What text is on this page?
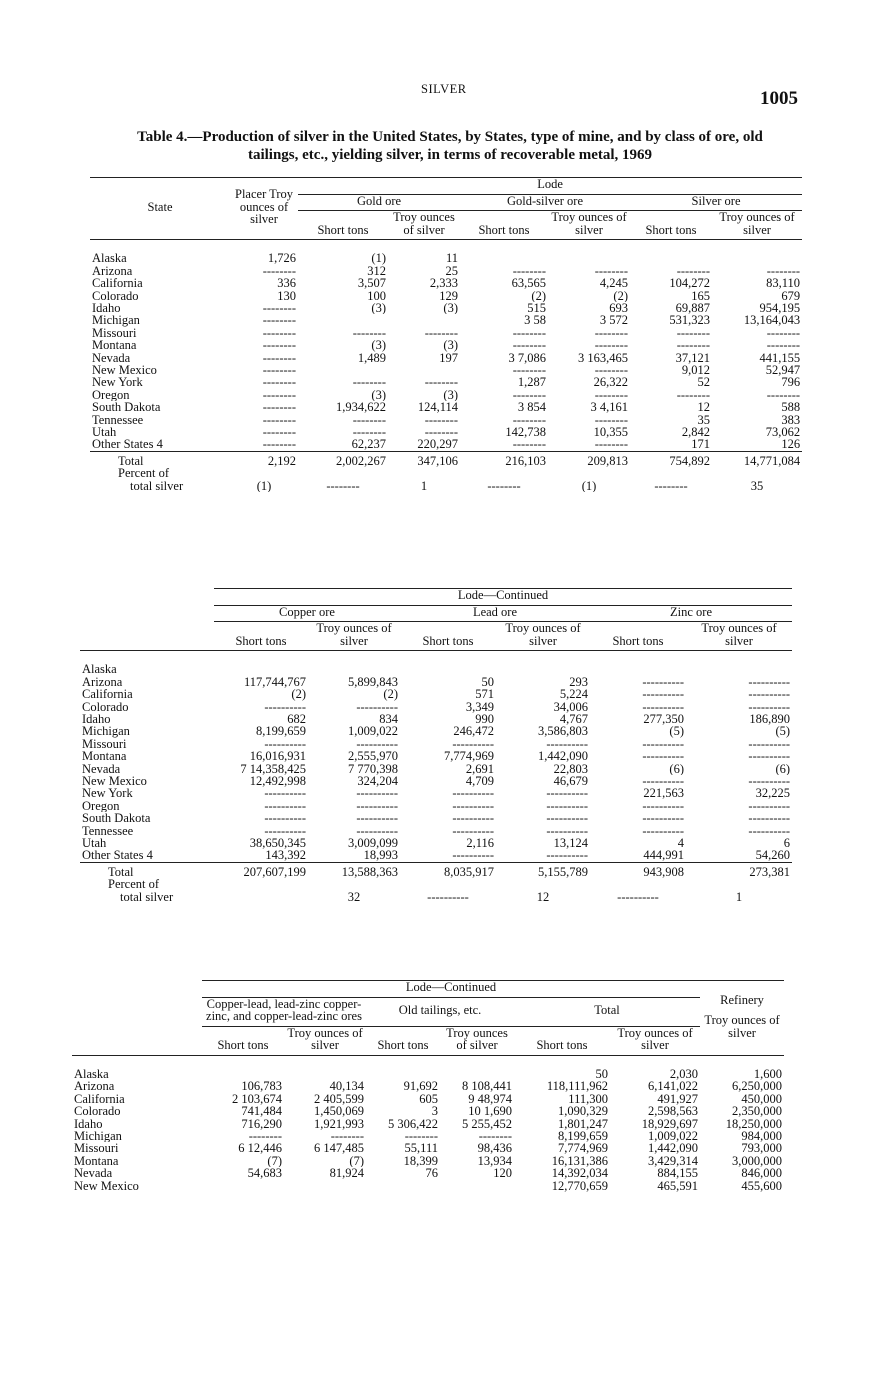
SILVER	1005
Table 4.—Production of silver in the United States, by States, type of mine, and by class of ore, old tailings, etc., yielding silver, in terms of recoverable metal, 1969
State	Placer Troy ounces of silver	Lode					
		Gold ore		Gold-silver ore		Silver ore	
		Short tons	Troy ounces of silver	Short tons	Troy ounces of silver	Short tons	Troy ounces of silver

Alaska	1,726	(1)	11				
Arizona	--------	312	25	--------	--------	--------	--------
California	336	3,507	2,333	63,565	4,245	104,272	83,110
Colorado	130	100	129	(2)	(2)	165	679
Idaho	--------	(3)	(3)	515	693	69,887	954,195
Michigan	--------			3 58	3 572	531,323	13,164,043
Missouri	--------	--------	--------	--------	--------	--------	--------
Montana	--------	(3)	(3)	--------	--------	--------	--------
Nevada	--------	1,489	197	3 7,086	3 163,465	37,121	441,155
New Mexico	--------			--------	--------	9,012	52,947
New York	--------	--------	--------	1,287	26,322	52	796
Oregon	--------	(3)	(3)	--------	--------	--------	--------
South Dakota	--------	1,934,622	124,114	3 854	3 4,161	12	588
Tennessee	--------	--------	--------	--------	--------	35	383
Utah	--------	--------	--------	142,738	10,355	2,842	73,062
Other States 4	--------	62,237	220,297	--------	--------	171	126
Total	2,192	2,002,267	347,106	216,103	209,813	754,892	14,771,084
Percent of							
total silver	(1)	--------	1	--------	(1)	--------	35
	Lode—Continued					
	Copper ore		Lead ore		Zinc ore	
	Short tons	Troy ounces of silver	Short tons	Troy ounces of silver	Short tons	Troy ounces of silver

Alaska						
Arizona	117,744,767	5,899,843	50	293	----------	----------
California	(2)	(2)	571	5,224	----------	----------
Colorado	----------	----------	3,349	34,006	----------	----------
Idaho	682	834	990	4,767	277,350	186,890
Michigan	8,199,659	1,009,022	246,472	3,586,803	(5)	(5)
Missouri	----------	----------	----------	----------	----------	----------
Montana	16,016,931	2,555,970	7,774,969	1,442,090	----------	----------
Nevada	7 14,358,425	7 770,398	2,691	22,803	(6)	(6)
New Mexico	12,492,998	324,204	4,709	46,679	----------	----------
New York	----------	----------	----------	----------	221,563	32,225
Oregon	----------	----------	----------	----------	----------	----------
South Dakota	----------	----------	----------	----------	----------	----------
Tennessee	----------	----------	----------	----------	----------	----------
Utah	38,650,345	3,009,099	2,116	13,124	4	6
Other States 4	143,392	18,993	----------	----------	444,991	54,260
Total	207,607,199	13,588,363	8,035,917	5,155,789	943,908	273,381
Percent of						
total silver		32	----------	12	----------	1
	Lode—Continued						Refinery
Troy ounces of silver

	Copper-lead, lead-zinc copper-zinc, and copper-lead-zinc ores		Old tailings, etc.		Total		
	Short tons	Troy ounces of silver	Short tons	Troy ounces of silver	Short tons	Troy ounces of silver	

Alaska					50	2,030	1,600
Arizona	106,783	40,134	91,692	8 108,441	118,111,962	6,141,022	6,250,000
California	2 103,674	2 405,599	605	9 48,974	111,300	491,927	450,000
Colorado	741,484	1,450,069	3	10 1,690	1,090,329	2,598,563	2,350,000
Idaho	716,290	1,921,993	5 306,422	5 255,452	1,801,247	18,929,697	18,250,000
Michigan	--------	--------	--------	--------	8,199,659	1,009,022	984,000
Missouri	6 12,446	6 147,485	55,111	98,436	7,774,969	1,442,090	793,000
Montana	(7)	(7)	18,399	13,934	16,131,386	3,429,314	3,000,000
Nevada	54,683	81,924	76	120	14,392,034	884,155	846,000
New Mexico					12,770,659	465,591	455,600
